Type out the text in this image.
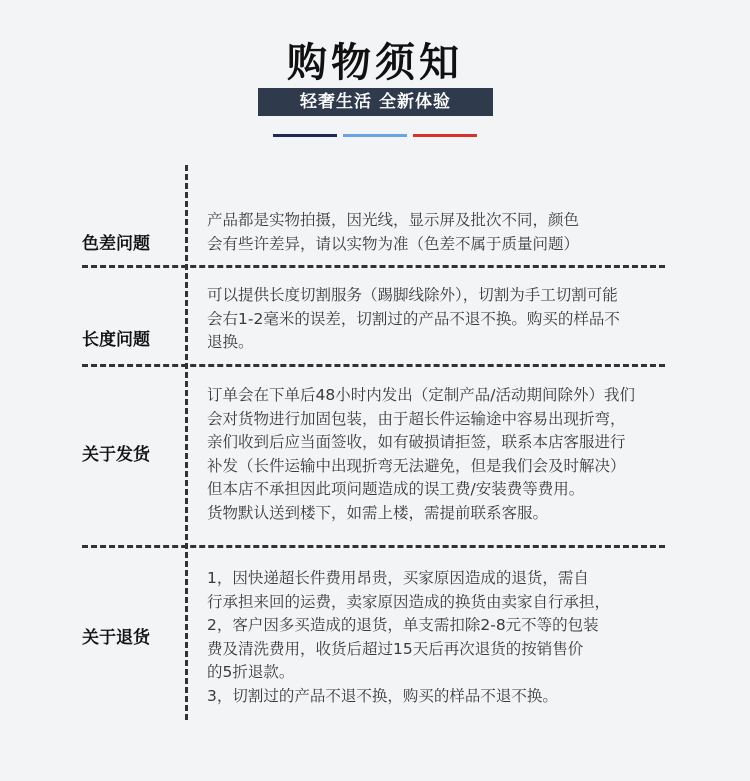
购物须知
轻奢生活 全新体验
色差问题

产品都是实物拍摄，因光线，显示屏及批次不同，颜色

会有些许差异，请以实物为准（色差不属于质量问题）

长度问题

可以提供长度切割服务（踢脚线除外），切割为手工切割可能

会右1-2毫米的误差，切割过的产品不退不换。购买的样品不

退换。

关于发货

订单会在下单后48小时内发出（定制产品/活动期间除外）我们

会对货物进行加固包装，由于超长件运输途中容易出现折弯，

亲们收到后应当面签收，如有破损请拒签，联系本店客服进行

补发（长件运输中出现折弯无法避免，但是我们会及时解决）

但本店不承担因此项问题造成的误工费/安装费等费用。

货物默认送到楼下，如需上楼，需提前联系客服。

关于退货

1，因快递超长件费用昂贵，买家原因造成的退货，需自

行承担来回的运费，卖家原因造成的换货由卖家自行承担，

2，客户因多买造成的退货，单支需扣除2-8元不等的包装

费及清洗费用，收货后超过15天后再次退货的按销售价

的5折退款。

3，切割过的产品不退不换，购买的样品不退不换。
